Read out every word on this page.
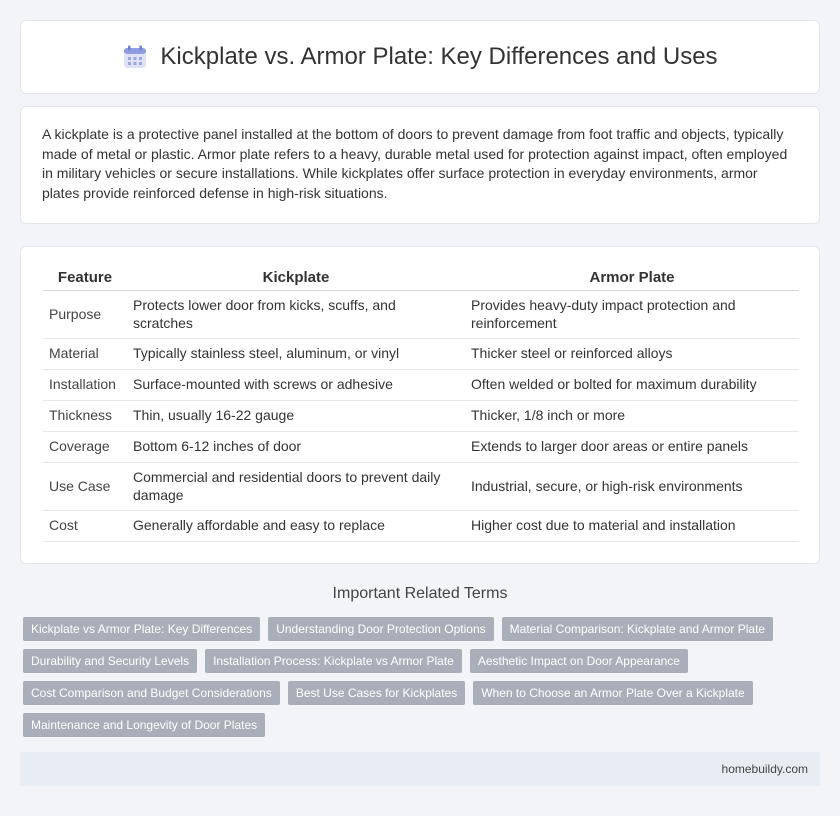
Kickplate vs. Armor Plate: Key Differences and Uses

A kickplate is a protective panel installed at the bottom of doors to prevent damage from foot traffic and objects, typically made of metal or plastic. Armor plate refers to a heavy, durable metal used for protection against impact, often employed in military vehicles or secure installations. While kickplates offer surface protection in everyday environments, armor plates provide reinforced defense in high-risk situations.

Feature	Kickplate	Armor Plate
Purpose	Protects lower door from kicks, scuffs, and scratches	Provides heavy-duty impact protection and reinforcement
Material	Typically stainless steel, aluminum, or vinyl	Thicker steel or reinforced alloys
Installation	Surface-mounted with screws or adhesive	Often welded or bolted for maximum durability
Thickness	Thin, usually 16-22 gauge	Thicker, 1/8 inch or more
Coverage	Bottom 6-12 inches of door	Extends to larger door areas or entire panels
Use Case	Commercial and residential doors to prevent daily damage	Industrial, secure, or high-risk environments
Cost	Generally affordable and easy to replace	Higher cost due to material and installation
Important Related Terms
Kickplate vs Armor Plate: Key Differences	Understanding Door Protection Options	Material Comparison: Kickplate and Armor Plate
Durability and Security Levels	Installation Process: Kickplate vs Armor Plate	Aesthetic Impact on Door Appearance
Cost Comparison and Budget Considerations	Best Use Cases for Kickplates	When to Choose an Armor Plate Over a Kickplate
Maintenance and Longevity of Door Plates
homebuildy.com
